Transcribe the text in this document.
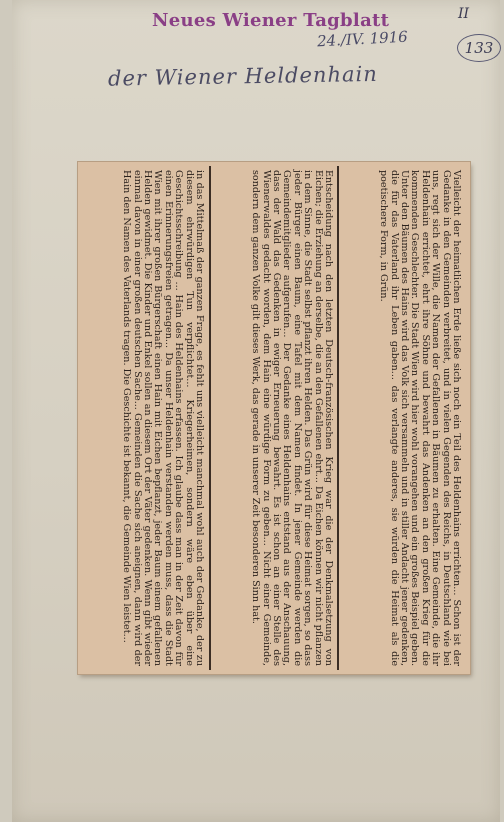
Neues Wiener Tagblatt
24./IV. 1916
II
133
der Wiener Heldenhain
in das Mittelmaß der ganzen Frage, es fehlt uns vielleicht manchmal wohl auch der Gedanke, der zu diesem ehrwürdigen Tun verpflichtet... Kriegerheimen, sondern wäre eben über eine Geschichtsschreibung ... Hain des Heldenhains erfassen. Ich glaube dass man in der Zeit davon für einen Erinnerungsfreien getragen... Da unser Heldenhain verstanden werden muss, dass die Stadt Wien mit ihrer großen Bürgerschaft einen Hain mit Eichen bepflanzt, jeder Baum einem gefallenen Helden gewidmet. Die Kinder und Enkel sollen an diesem Ort der Väter gedenken. Wenn gibt wieder einmal davon in einer großen deutschen Sache... Gemeinden die Sache sich aneignen, dann wird der Hain den Namen des Vaterlands tragen. Die Geschichte ist bekannt, die Gemeinde Wien leistet...	Entscheidung nach den letzten Deutsch-französischen Krieg war die der Denkmalsetzung von Eichen; die Erziehung an derselbe, die an den Gefallenen ehrt... Da Eichen können wir nicht pflanzen in dem Sinne, die Stadt selbst pflanzt ihren Helden. Das Grün wird für diese Heimat sorgen, so dass jeder Bürger einen Baum, eine Tafel mit dem Namen findet. In jener Gemeinde werden die Gemeindemitglieder aufgerufen... Der Gedanke eines Heldenhains entstand aus der Anschauung, dass der Wald das Gedenken in ewiger Erneuerung bewahrt. Es ist schon an einer Stelle des Wienerwaldes gedacht worden, dem Hain eine würdige Form zu geben... Nicht einer Gemeinde, sondern dem ganzen Volke gilt dieses Werk, das gerade in unserer Zeit besonderen Sinn hat.	Vielleicht der heimatlichen Erde ließe sich noch ein Teil des Heldenhains errichten... Schon ist der Gedanke in den Gemeinden verbreitet, und in vielen Gegenden des Reichs, in Deutschland wie bei uns, regt sich der Wille, die Namen der Gefallenen in Bäumen zu erhalten. Eine Gemeinde, die ihr Heldenhain errichtet, ehrt ihre Söhne und bewahrt das Andenken an den großen Krieg für die kommenden Geschlechter. Die Stadt Wien wird hier wohl vorangehen und ein großes Beispiel geben. Unter den Bäumen des Hains wird das Volk sich versammeln und in stiller Andacht jener gedenken, die für das Vaterland ihr Leben gaben... das verlangte anderes, sie würden die Heimat als die poetischere Form, in Grün.
